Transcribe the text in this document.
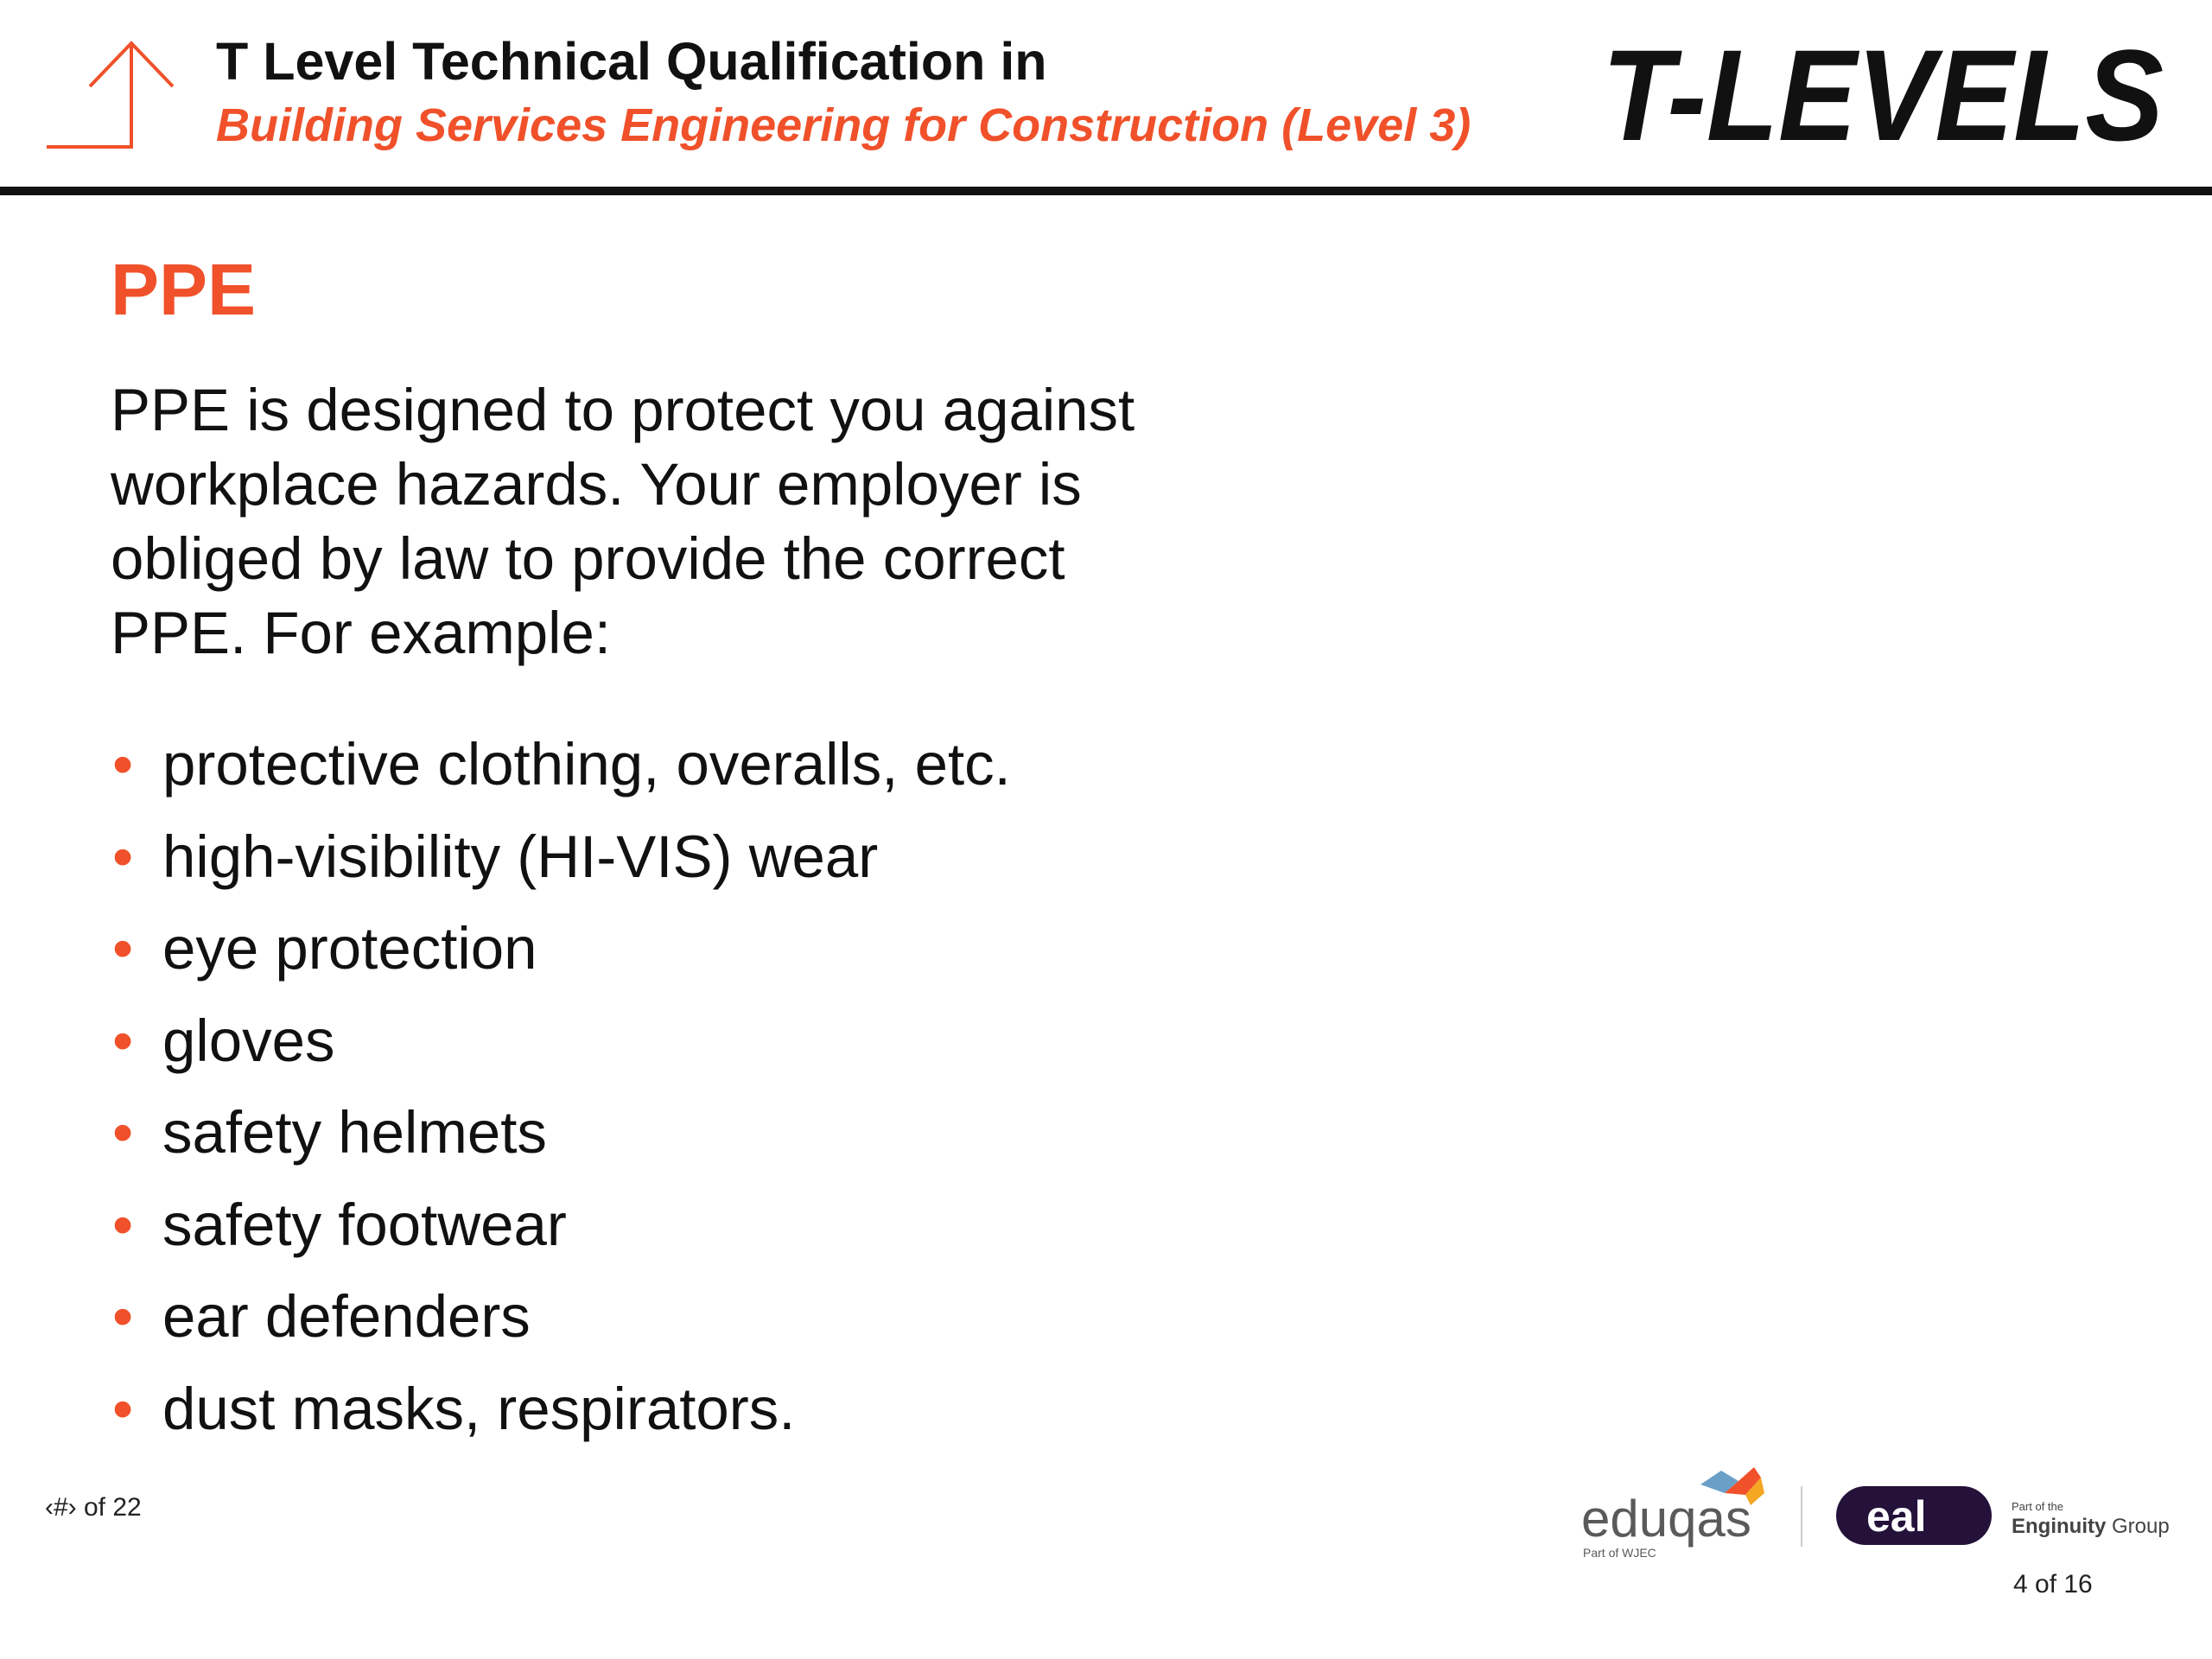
T Level Technical Qualification in
Building Services Engineering for Construction (Level 3) T-LEVELS
PPE

PPE is designed to protect you against workplace hazards. Your employer is obliged by law to provide the correct PPE. For example:

• protective clothing, overalls, etc.
• high-visibility (HI-VIS) wear
• eye protection
• gloves
• safety helmets
• safety footwear
• ear defenders
• dust masks, respirators.
‹#› of 22	eduqas
Part of WJEC
eal	Part of the
Enginuity Group
4 of 16
